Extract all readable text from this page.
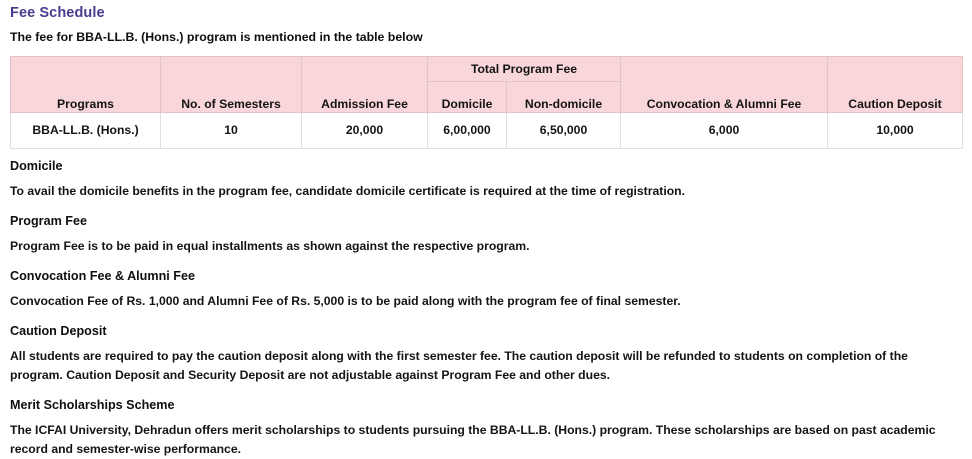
Fee Schedule

The fee for BBA-LL.B. (Hons.) program is mentioned in the table below

Programs	No. of Semesters	Admission Fee	Total Program Fee		Convocation & Alumni Fee	Caution Deposit
			Domicile	Non-domicile		
BBA-LL.B. (Hons.)	10	20,000	6,00,000	6,50,000	6,000	10,000
Domicile

To avail the domicile benefits in the program fee, candidate domicile certificate is required at the time of registration.

Program Fee

Program Fee is to be paid in equal installments as shown against the respective program.

Convocation Fee & Alumni Fee

Convocation Fee of Rs. 1,000 and Alumni Fee of Rs. 5,000 is to be paid along with the program fee of final semester.

Caution Deposit

All students are required to pay the caution deposit along with the first semester fee. The caution deposit will be refunded to students on completion of the program. Caution Deposit and Security Deposit are not adjustable against Program Fee and other dues.

Merit Scholarships Scheme

The ICFAI University, Dehradun offers merit scholarships to students pursuing the BBA-LL.B. (Hons.) program. These scholarships are based on past academic record and semester-wise performance.
